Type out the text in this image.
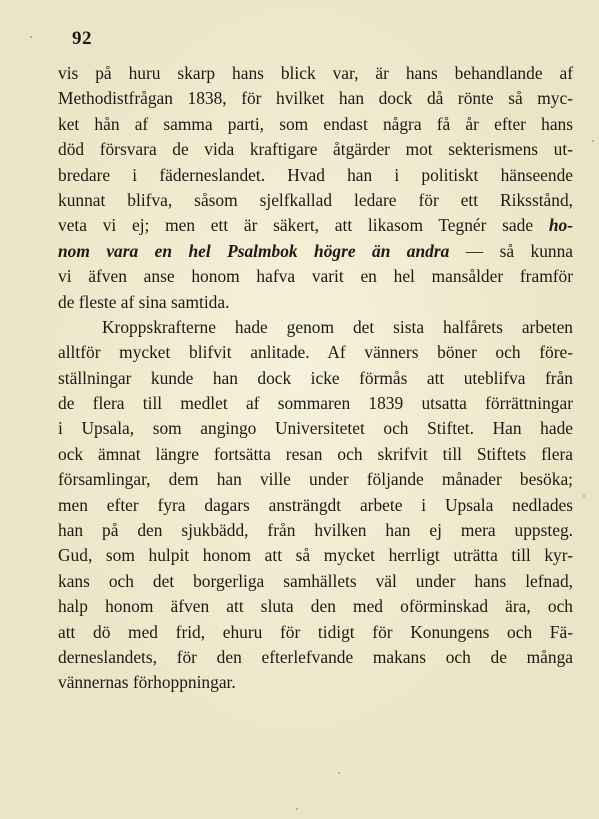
92
vis på huru skarp hans blick var, är hans behandlande af
Methodistfrågan 1838, för hvilket han dock då rönte så myc-
ket hån af samma parti, som endast några få år efter hans
död försvara de vida kraftigare åtgärder mot sekterismens ut-
bredare i fäderneslandet. Hvad han i politiskt hänseende
kunnat blifva, såsom sjelfkallad ledare för ett Riksstånd,
veta vi ej; men ett är säkert, att likasom Tegnér sade ho-
nom vara en hel Psalmbok högre än andra — så kunna
vi äfven anse honom hafva varit en hel mansålder framför
de fleste af sina samtida.
Kroppskrafterne hade genom det sista halfårets arbeten
alltför mycket blifvit anlitade. Af vänners böner och före-
ställningar kunde han dock icke förmås att uteblifva från
de flera till medlet af sommaren 1839 utsatta förrättningar
i Upsala, som angingo Universitetet och Stiftet. Han hade
ock ämnat längre fortsätta resan och skrifvit till Stiftets flera
församlingar, dem han ville under följande månader besöka;
men efter fyra dagars ansträngdt arbete i Upsala nedlades
han på den sjukbädd, från hvilken han ej mera uppsteg.
Gud, som hulpit honom att så mycket herrligt uträtta till kyr-
kans och det borgerliga samhällets väl under hans lefnad,
halp honom äfven att sluta den med oförminskad ära, och
att dö med frid, ehuru för tidigt för Konungens och Fä-
derneslandets, för den efterlefvande makans och de många
vännernas förhoppningar.
